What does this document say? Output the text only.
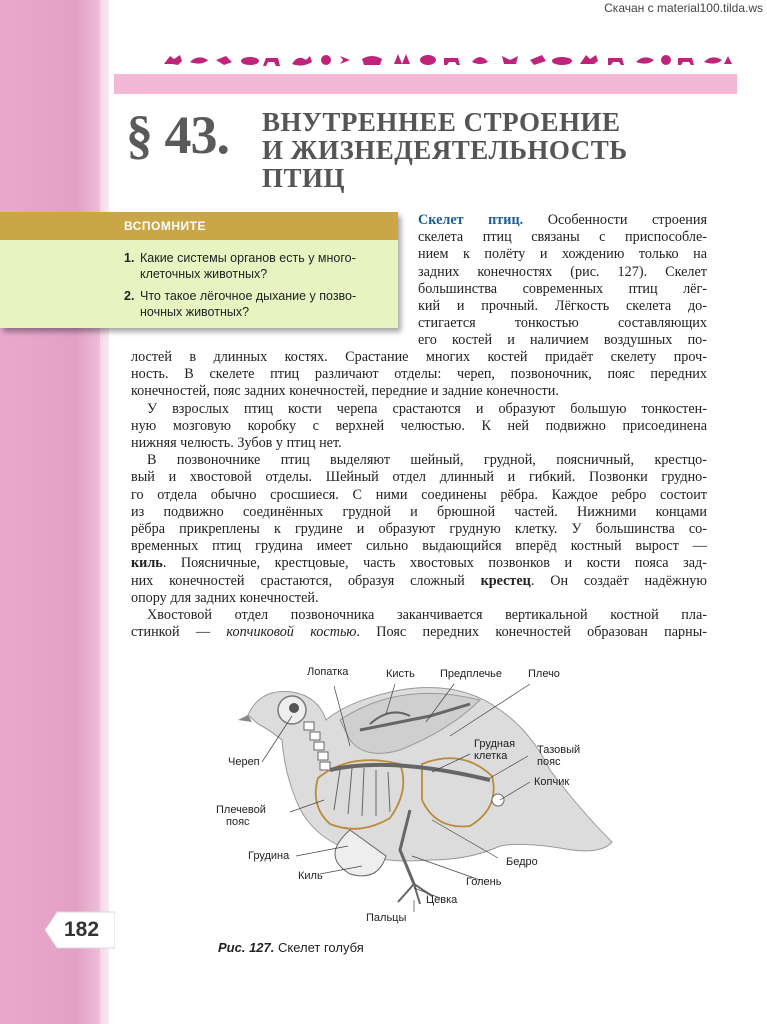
Скачан с material100.tilda.ws
§ 43. ВНУТРЕННЕЕ СТРОЕНИЕ
И ЖИЗНЕДЕЯТЕЛЬНОСТЬ
ПТИЦ
ВСПОМНИТЕ
1. Какие системы органов есть у много-
клеточных животных?
2. Что такое лёгочное дыхание у позво-
ночных животных?
Скелет птиц. Особенности строения
скелета птиц связаны с приспособле-
нием к полёту и хождению только на
задних конечностях (рис. 127). Скелет
большинства современных птиц лёг-
кий и прочный. Лёгкость скелета до-
стигается тонкостью составляющих
его костей и наличием воздушных по-
лостей в длинных костях. Срастание многих костей придаёт скелету проч-
ность. В скелете птиц различают отделы: череп, позвоночник, пояс передних
конечностей, пояс задних конечностей, передние и задние конечности.
У взрослых птиц кости черепа срастаются и образуют большую тонкостен-
ную мозговую коробку с верхней челюстью. К ней подвижно присоединена
нижняя челюсть. Зубов у птиц нет.
В позвоночнике птиц выделяют шейный, грудной, поясничный, крестцо-
вый и хвостовой отделы. Шейный отдел длинный и гибкий. Позвонки грудно-
го отдела обычно сросшиеся. С ними соединены рёбра. Каждое ребро состоит
из подвижно соединённых грудной и брюшной частей. Нижними концами
рёбра прикреплены к грудине и образуют грудную клетку. У большинства со-
временных птиц грудина имеет сильно выдающийся вперёд костный вырост —
киль. Поясничные, крестцовые, часть хвостовых позвонков и кости пояса зад-
них конечностей срастаются, образуя сложный крестец. Он создаёт надёжную
опору для задних конечностей.
Хвостовой отдел позвоночника заканчивается вертикальной костной пла-
стинкой — копчиковой костью. Пояс передних конечностей образован парны-
Лопатка	Кисть Предплечье Плечо
Череп
Грудная
клетка	Тазовый
пояс
Копчик
Плечевой
пояс
Грудина	Бедро
Киль	Голень
Цевка
Пальцы
Рис. 127. Скелет голубя
182
